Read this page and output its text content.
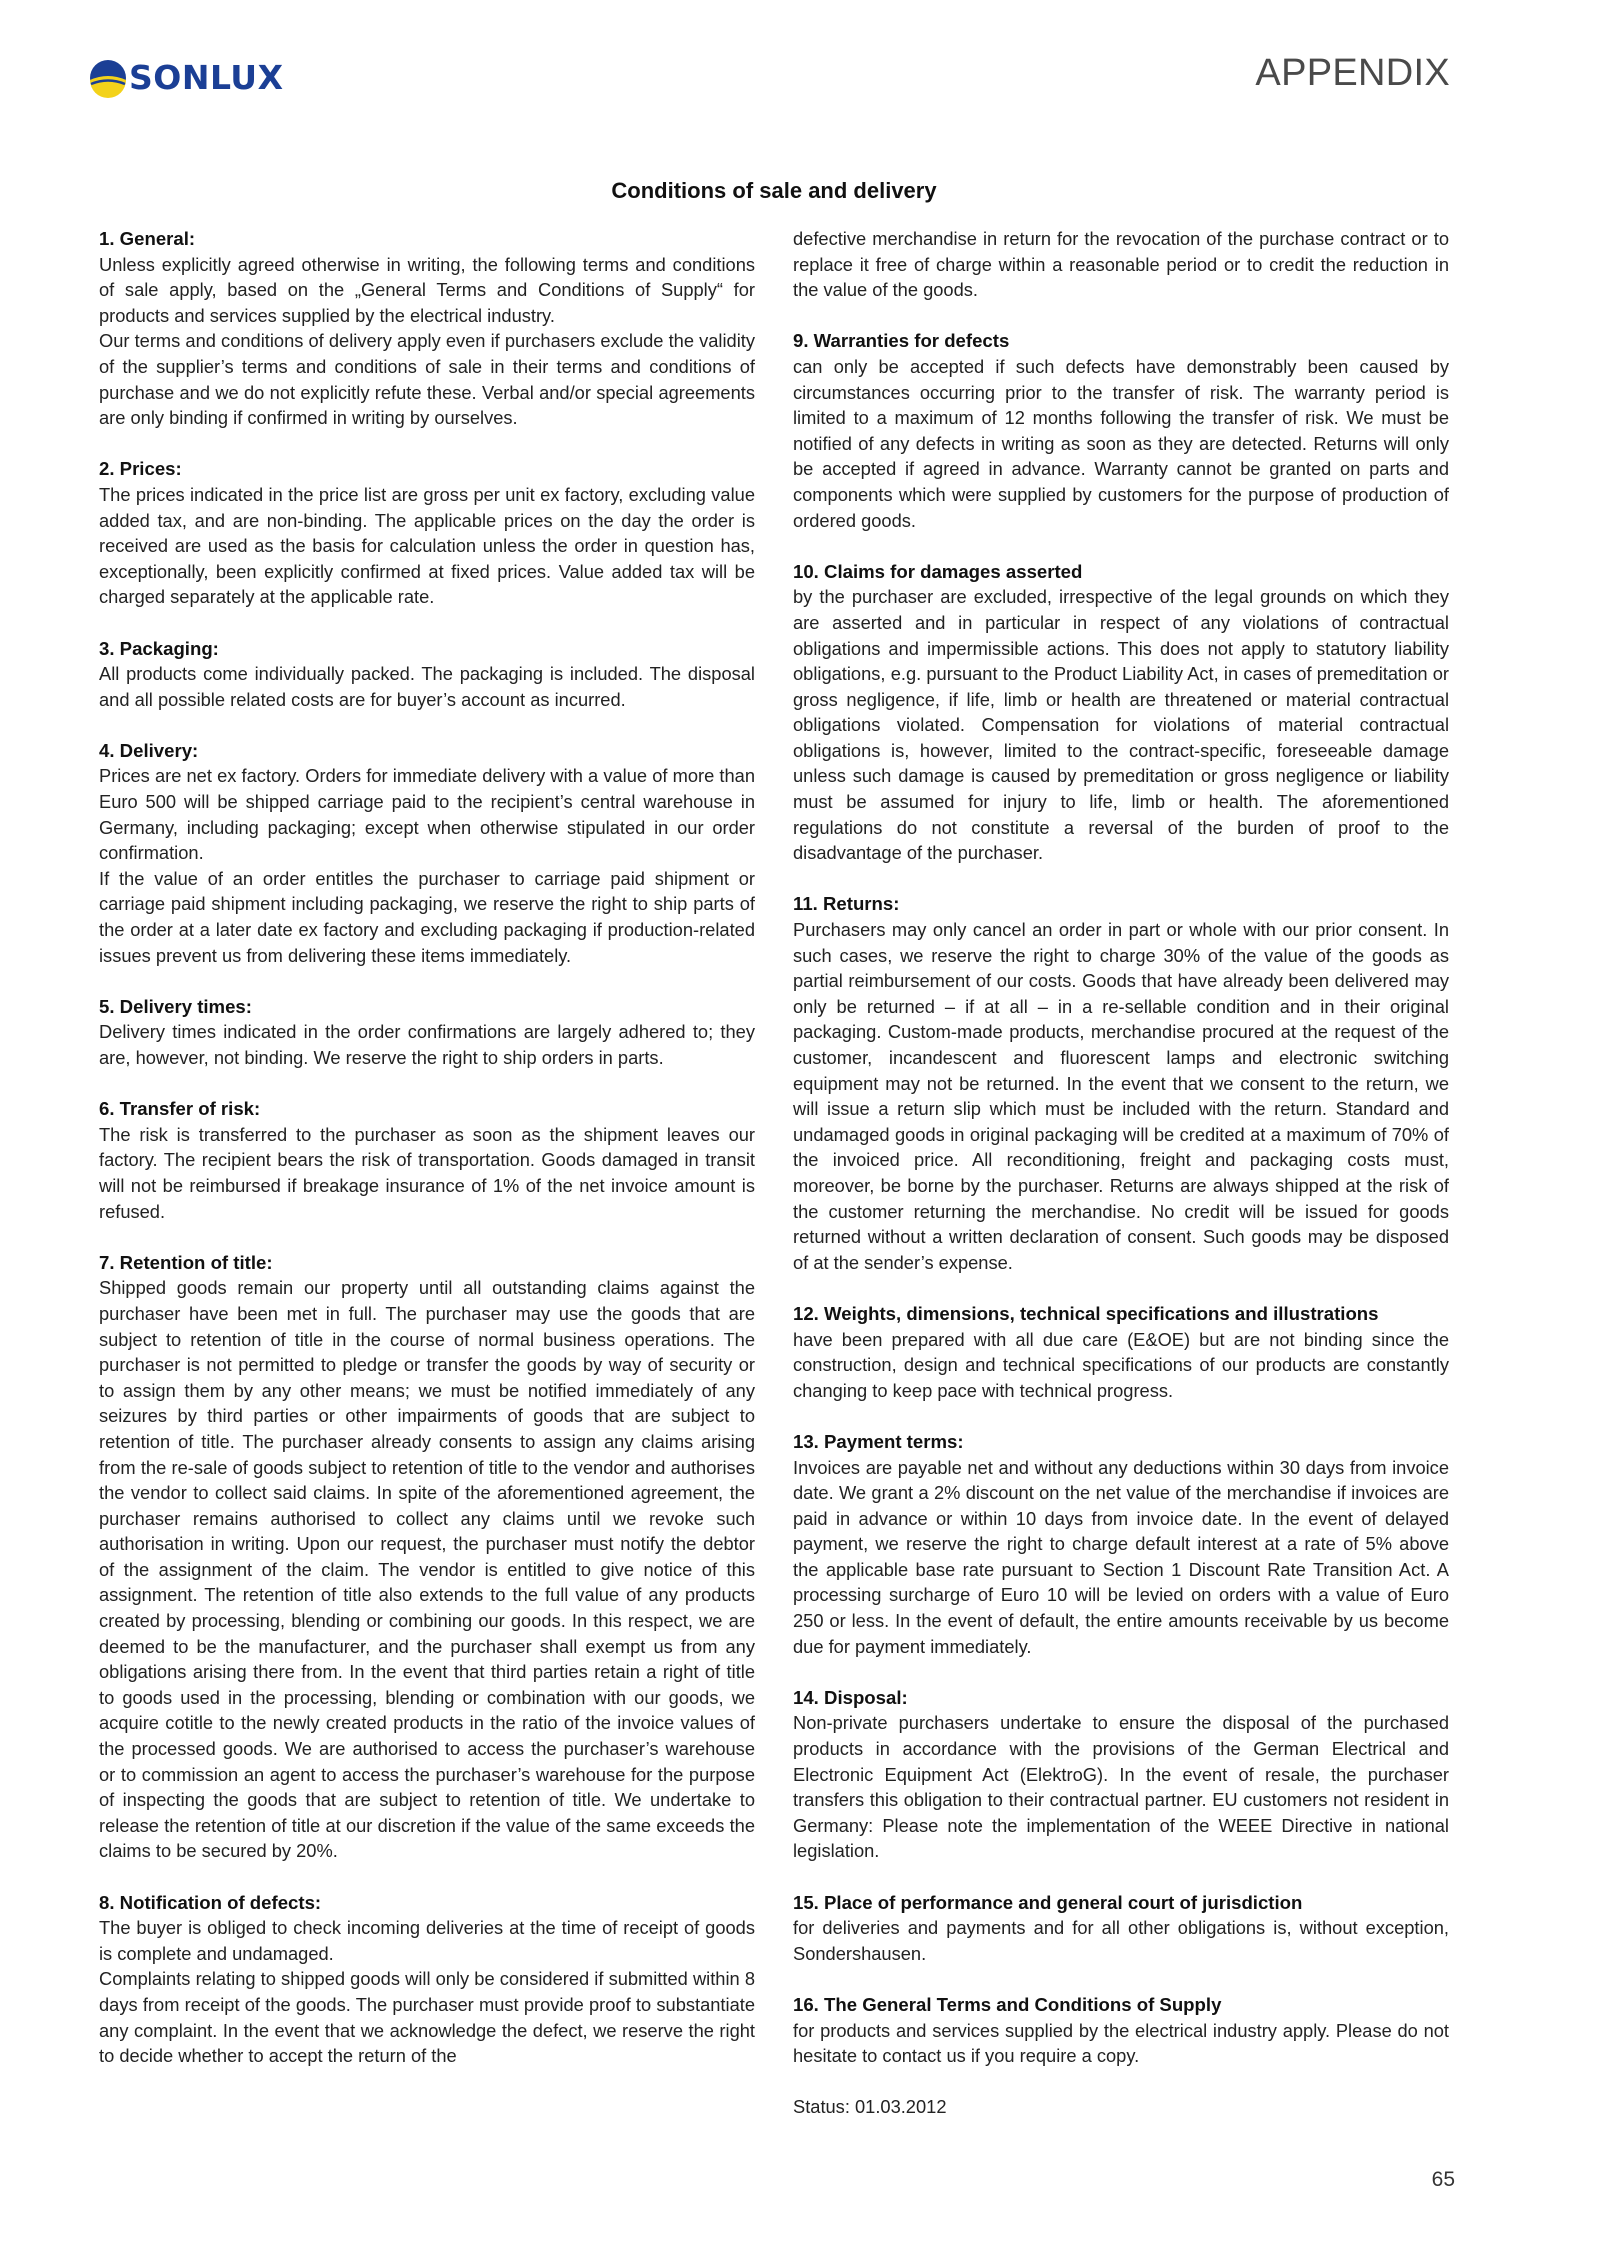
SONLUX	APPENDIX
Conditions of sale and delivery
1. General:

Unless explicitly agreed otherwise in writing, the following terms and conditions of sale apply, based on the „General Terms and Conditions of Supply“ for products and services supplied by the electrical industry.

Our terms and conditions of delivery apply even if purchasers exclude the validity of the supplier’s terms and conditions of sale in their terms and conditions of purchase and we do not explicitly refute these. Verbal and/or special agreements are only binding if confirmed in writing by ourselves.

2. Prices:

The prices indicated in the price list are gross per unit ex factory, excluding value added tax, and are non-binding. The applicable prices on the day the order is received are used as the basis for calculation unless the order in question has, exceptionally, been explicitly confirmed at fixed prices. Value added tax will be charged separately at the applicable rate.

3. Packaging:

All products come individually packed. The packaging is included. The disposal and all possible related costs are for buyer’s account as incurred.

4. Delivery:

Prices are net ex factory. Orders for immediate delivery with a value of more than Euro 500 will be shipped carriage paid to the recipient’s central warehouse in Germany, including packaging; except when otherwise stipulated in our order confirmation.

If the value of an order entitles the purchaser to carriage paid shipment or carriage paid shipment including packaging, we reserve the right to ship parts of the order at a later date ex factory and excluding packaging if production-related issues prevent us from delivering these items immediately.

5. Delivery times:

Delivery times indicated in the order confirmations are largely adhered to; they are, however, not binding. We reserve the right to ship orders in parts.

6. Transfer of risk:

The risk is transferred to the purchaser as soon as the shipment leaves our factory. The recipient bears the risk of transportation. Goods damaged in transit will not be reimbursed if breakage insurance of 1% of the net invoice amount is refused.

7. Retention of title:

Shipped goods remain our property until all outstanding claims against the purchaser have been met in full. The purchaser may use the goods that are subject to retention of title in the course of normal business operations. The purchaser is not permitted to pledge or transfer the goods by way of security or to assign them by any other means; we must be notified immediately of any seizures by third parties or other impairments of goods that are subject to retention of title. The purchaser already consents to assign any claims arising from the re-sale of goods subject to retention of title to the vendor and authorises the vendor to collect said claims. In spite of the aforementioned agreement, the purchaser remains authorised to collect any claims until we revoke such authorisation in writing. Upon our request, the purchaser must notify the debtor of the assignment of the claim. The vendor is entitled to give notice of this assignment. The retention of title also extends to the full value of any products created by processing, blending or combining our goods. In this respect, we are deemed to be the manufacturer, and the purchaser shall exempt us from any obligations arising there from. In the event that third parties retain a right of title to goods used in the processing, blending or combination with our goods, we acquire cotitle to the newly created products in the ratio of the invoice values of the processed goods. We are authorised to access the purchaser’s warehouse or to commission an agent to access the purchaser’s warehouse for the purpose of inspecting the goods that are subject to retention of title. We undertake to release the retention of title at our discretion if the value of the same exceeds the claims to be secured by 20%.

8. Notification of defects:

The buyer is obliged to check incoming deliveries at the time of receipt of goods is complete and undamaged.

Complaints relating to shipped goods will only be considered if submitted within 8 days from receipt of the goods. The purchaser must provide proof to substantiate any complaint. In the event that we acknowledge the defect, we reserve the right to decide whether to accept the return of the

defective merchandise in return for the revocation of the purchase contract or to replace it free of charge within a reasonable period or to credit the reduction in the value of the goods.

9. Warranties for defects

can only be accepted if such defects have demonstrably been caused by circumstances occurring prior to the transfer of risk. The warranty period is limited to a maximum of 12 months following the transfer of risk. We must be notified of any defects in writing as soon as they are detected. Returns will only be accepted if agreed in advance. Warranty cannot be granted on parts and components which were supplied by customers for the purpose of production of ordered goods.

10. Claims for damages asserted

by the purchaser are excluded, irrespective of the legal grounds on which they are asserted and in particular in respect of any violations of contractual obligations and impermissible actions. This does not apply to statutory liability obligations, e.g. pursuant to the Product Liability Act, in cases of premeditation or gross negligence, if life, limb or health are threatened or material contractual obligations violated. Compensation for violations of material contractual obligations is, however, limited to the contract-specific, foreseeable damage unless such damage is caused by premeditation or gross negligence or liability must be assumed for injury to life, limb or health. The aforementioned regulations do not constitute a reversal of the burden of proof to the disadvantage of the purchaser.

11. Returns:

Purchasers may only cancel an order in part or whole with our prior consent. In such cases, we reserve the right to charge 30% of the value of the goods as partial reimbursement of our costs. Goods that have already been delivered may only be returned – if at all – in a re-sellable condition and in their original packaging. Custom-made products, merchandise procured at the request of the customer, incandescent and fluorescent lamps and electronic switching equipment may not be returned. In the event that we consent to the return, we will issue a return slip which must be included with the return. Standard and undamaged goods in original packaging will be credited at a maximum of 70% of the invoiced price. All reconditioning, freight and packaging costs must, moreover, be borne by the purchaser. Returns are always shipped at the risk of the customer returning the merchandise. No credit will be issued for goods returned without a written declaration of consent. Such goods may be disposed of at the sender’s expense.

12. Weights, dimensions, technical specifications and illustrations

have been prepared with all due care (E&OE) but are not binding since the construction, design and technical specifications of our products are constantly changing to keep pace with technical progress.

13. Payment terms:

Invoices are payable net and without any deductions within 30 days from invoice date. We grant a 2% discount on the net value of the merchandise if invoices are paid in advance or within 10 days from invoice date. In the event of delayed payment, we reserve the right to charge default interest at a rate of 5% above the applicable base rate pursuant to Section 1 Discount Rate Transition Act. A processing surcharge of Euro 10 will be levied on orders with a value of Euro 250 or less. In the event of default, the entire amounts receivable by us become due for payment immediately.

14. Disposal:

Non-private purchasers undertake to ensure the disposal of the purchased products in accordance with the provisions of the German Electrical and Electronic Equipment Act (ElektroG). In the event of resale, the purchaser transfers this obligation to their contractual partner. EU customers not resident in Germany: Please note the implementation of the WEEE Directive in national legislation.

15. Place of performance and general court of jurisdiction

for deliveries and payments and for all other obligations is, without exception, Sondershausen.

16. The General Terms and Conditions of Supply

for products and services supplied by the electrical industry apply. Please do not hesitate to contact us if you require a copy.

Status: 01.03.2012

65
